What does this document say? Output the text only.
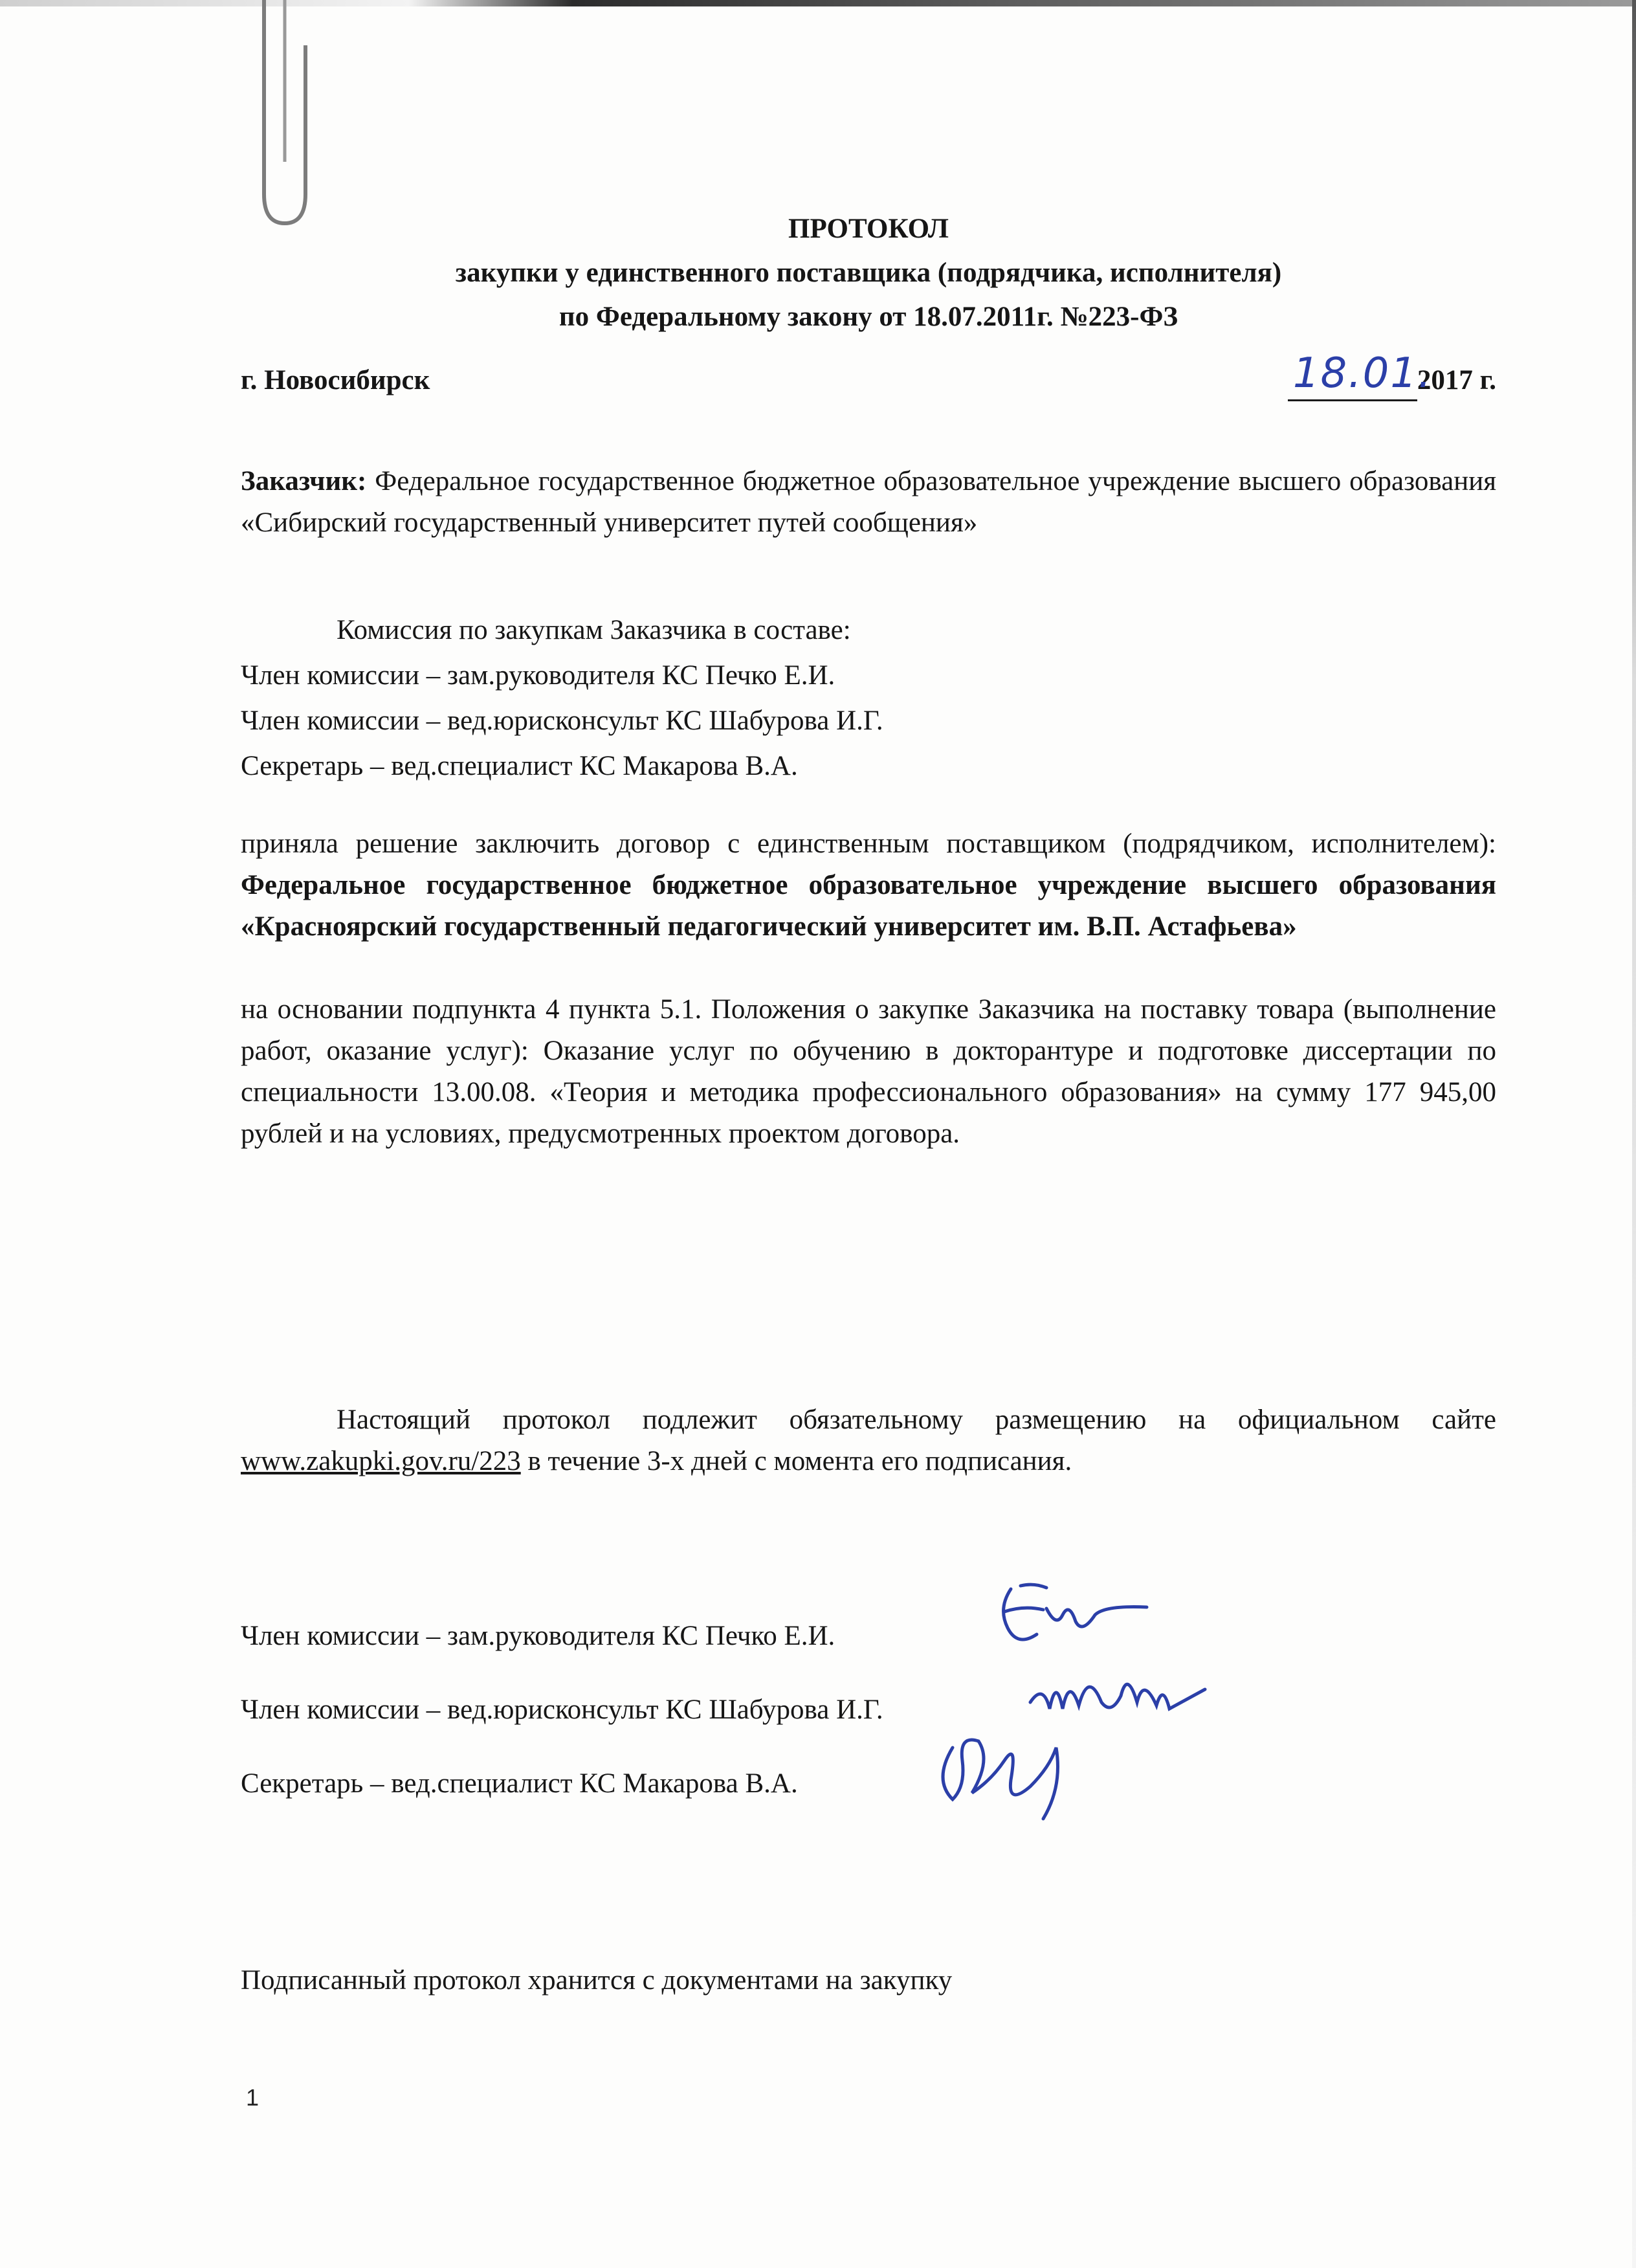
ПРОТОКОЛ
закупки у единственного поставщика (подрядчика, исполнителя)
по Федеральному закону от 18.07.2011г. №223-ФЗ
г. Новосибирск	18.01.
2017 г.
Заказчик: Федеральное государственное бюджетное образовательное учреждение высшего образования «Сибирский государственный университет путей сообщения»
Комиссия по закупкам Заказчика в составе:
Член комиссии – зам.руководителя КС Печко Е.И.
Член комиссии – вед.юрисконсульт КС Шабурова И.Г.
Секретарь – вед.специалист КС Макарова В.А.
приняла решение заключить договор с единственным поставщиком (подрядчиком, исполнителем): Федеральное государственное бюджетное образовательное учреждение высшего образования «Красноярский государственный педагогический университет им. В.П. Астафьева»
на основании подпункта 4 пункта 5.1. Положения о закупке Заказчика на поставку товара (выполнение работ, оказание услуг): Оказание услуг по обучению в докторантуре и подготовке диссертации по специальности 13.00.08. «Теория и методика профессионального образования» на сумму 177 945,00 рублей и на условиях, предусмотренных проектом договора.
Настоящий протокол подлежит обязательному размещению на официальном сайте www.zakupki.gov.ru/223 в течение 3-х дней с момента его подписания.
Член комиссии – зам.руководителя КС Печко Е.И.
Член комиссии – вед.юрисконсульт КС Шабурова И.Г.
Секретарь – вед.специалист КС Макарова В.А.
Подписанный протокол хранится с документами на закупку
1
